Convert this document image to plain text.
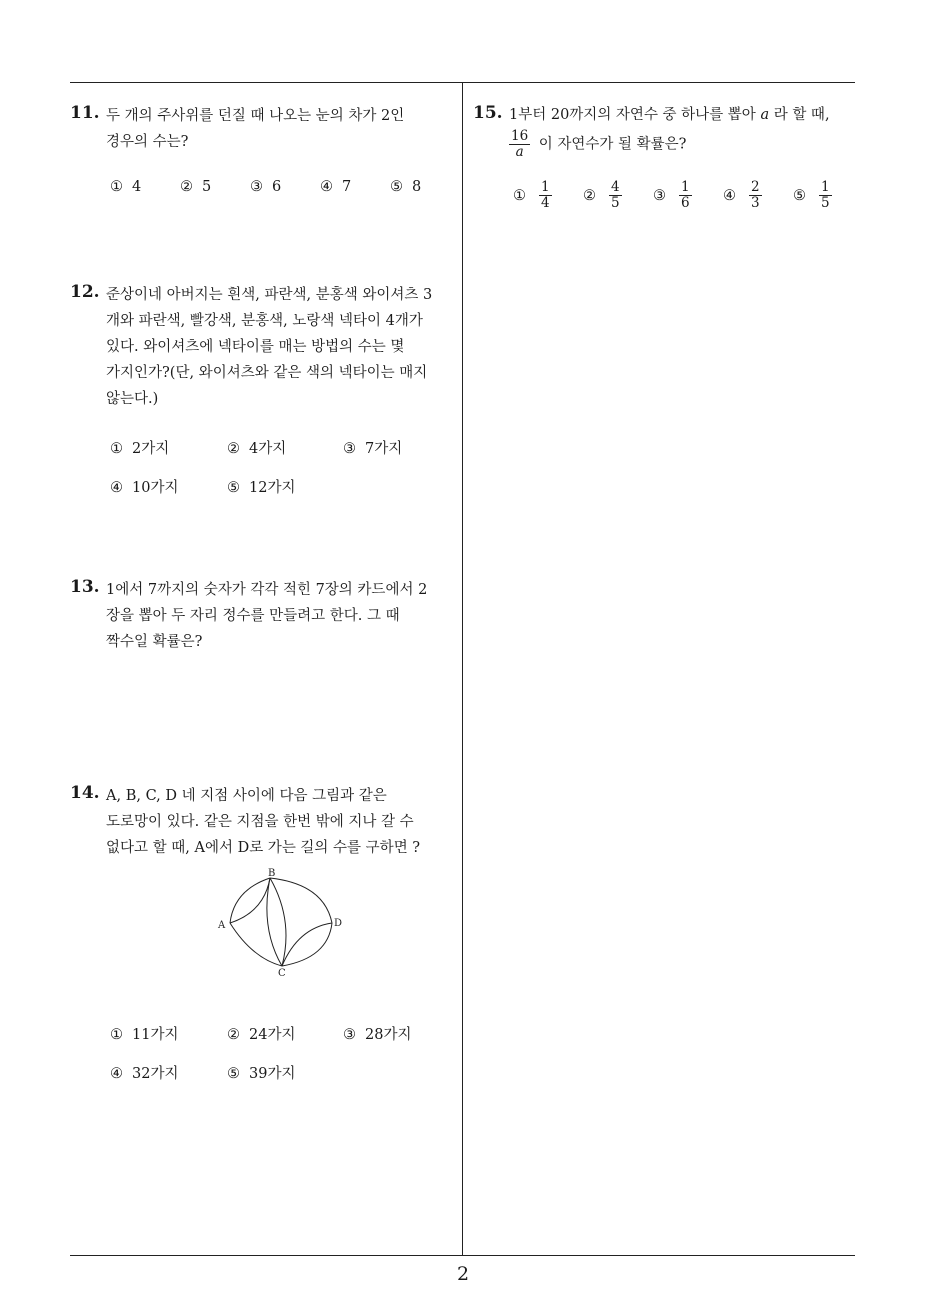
2
11. 두 개의 주사위를 던질 때 나오는 눈의 차가 2인
경우의 수는?
① 4	② 5	③ 6	④ 7	⑤ 8
12. 준상이네 아버지는 흰색, 파란색, 분홍색 와이셔츠 3
개와 파란색, 빨강색, 분홍색, 노랑색 넥타이 4개가
있다. 와이셔츠에 넥타이를 매는 방법의 수는 몇
가지인가?(단, 와이셔츠와 같은 색의 넥타이는 매지
않는다.)
① 2가지	② 4가지	③ 7가지
④ 10가지	⑤ 12가지
13. 1에서 7까지의 숫자가 각각 적힌 7장의 카드에서 2
장을 뽑아 두 자리 정수를 만들려고 한다. 그 때
짝수일 확률은?
14. A, B, C, D 네 지점 사이에 다음 그림과 같은
도로망이 있다. 같은 지점을 한번 밖에 지나 갈 수
없다고 할 때, A에서 D로 가는 길의 수를 구하면 ?
A
B
C
D
① 11가지	② 24가지	③ 28가지
④ 32가지	⑤ 39가지
15. 1부터 20까지의 자연수 중 하나를 뽑아 a 라 할 때,
$\frac{16}{a}$ 이 자연수가 될 확률은?
① $\frac{1}{4}$ ② $\frac{4}{5}$ ③ $\frac{1}{6}$ ④ $\frac{2}{3}$ ⑤ $\frac{1}{5}$
